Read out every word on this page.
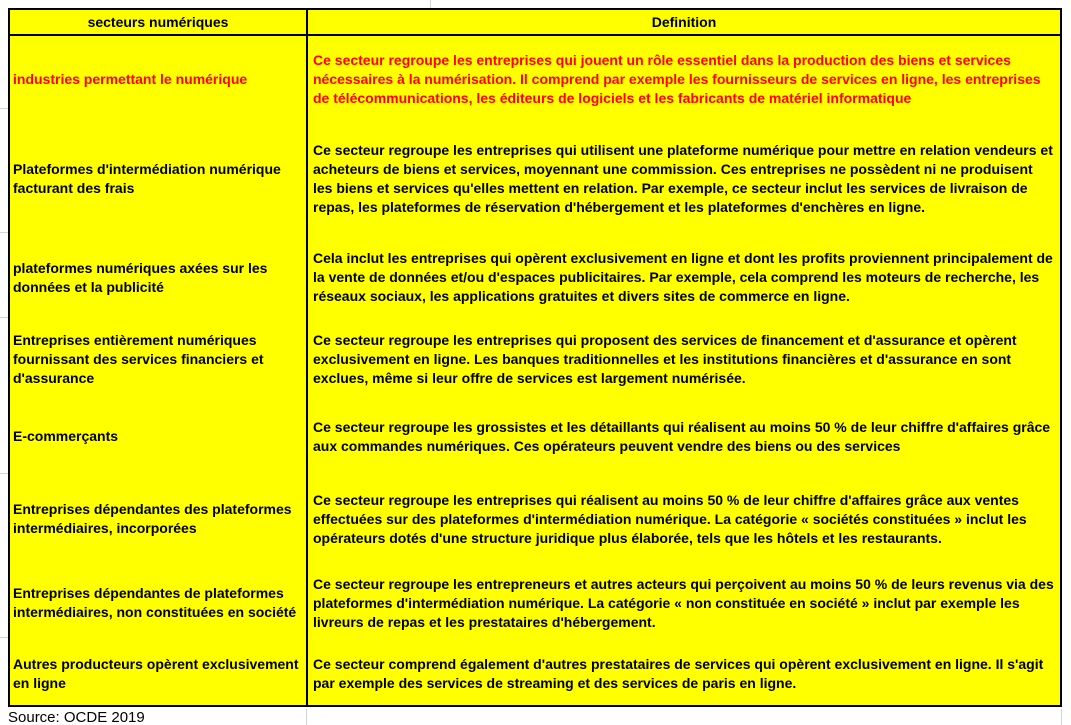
secteurs numériques	Definition
industries permettant le numérique
Ce secteur regroupe les entreprises qui jouent un rôle essentiel dans la production des biens et services nécessaires à la numérisation. Il comprend par exemple les fournisseurs de services en ligne, les entreprises de télécommunications, les éditeurs de logiciels et les fabricants de matériel informatique
Plateformes d'intermédiation numérique facturant des frais
Ce secteur regroupe les entreprises qui utilisent une plateforme numérique pour mettre en relation vendeurs et acheteurs de biens et services, moyennant une commission. Ces entreprises ne possèdent ni ne produisent les biens et services qu'elles mettent en relation. Par exemple, ce secteur inclut les services de livraison de repas, les plateformes de réservation d'hébergement et les plateformes d'enchères en ligne.
plateformes numériques axées sur les données et la publicité
Cela inclut les entreprises qui opèrent exclusivement en ligne et dont les profits proviennent principalement de la vente de données et/ou d'espaces publicitaires. Par exemple, cela comprend les moteurs de recherche, les réseaux sociaux, les applications gratuites et divers sites de commerce en ligne.
Entreprises entièrement numériques fournissant des services financiers et d'assurance
Ce secteur regroupe les entreprises qui proposent des services de financement et d'assurance et opèrent exclusivement en ligne. Les banques traditionnelles et les institutions financières et d'assurance en sont exclues, même si leur offre de services est largement numérisée.
E-commerçants
Ce secteur regroupe les grossistes et les détaillants qui réalisent au moins 50 % de leur chiffre d'affaires grâce aux commandes numériques. Ces opérateurs peuvent vendre des biens ou des services
Entreprises dépendantes des plateformes intermédiaires, incorporées
Ce secteur regroupe les entreprises qui réalisent au moins 50 % de leur chiffre d'affaires grâce aux ventes effectuées sur des plateformes d'intermédiation numérique. La catégorie « sociétés constituées » inclut les opérateurs dotés d'une structure juridique plus élaborée, tels que les hôtels et les restaurants.
Entreprises dépendantes de plateformes intermédiaires, non constituées en société
Ce secteur regroupe les entrepreneurs et autres acteurs qui perçoivent au moins 50 % de leurs revenus via des plateformes d'intermédiation numérique. La catégorie « non constituée en société » inclut par exemple les livreurs de repas et les prestataires d'hébergement.
Autres producteurs opèrent exclusivement en ligne
Ce secteur comprend également d'autres prestataires de services qui opèrent exclusivement en ligne. Il s'agit par exemple des services de streaming et des services de paris en ligne.
Source: OCDE 2019
